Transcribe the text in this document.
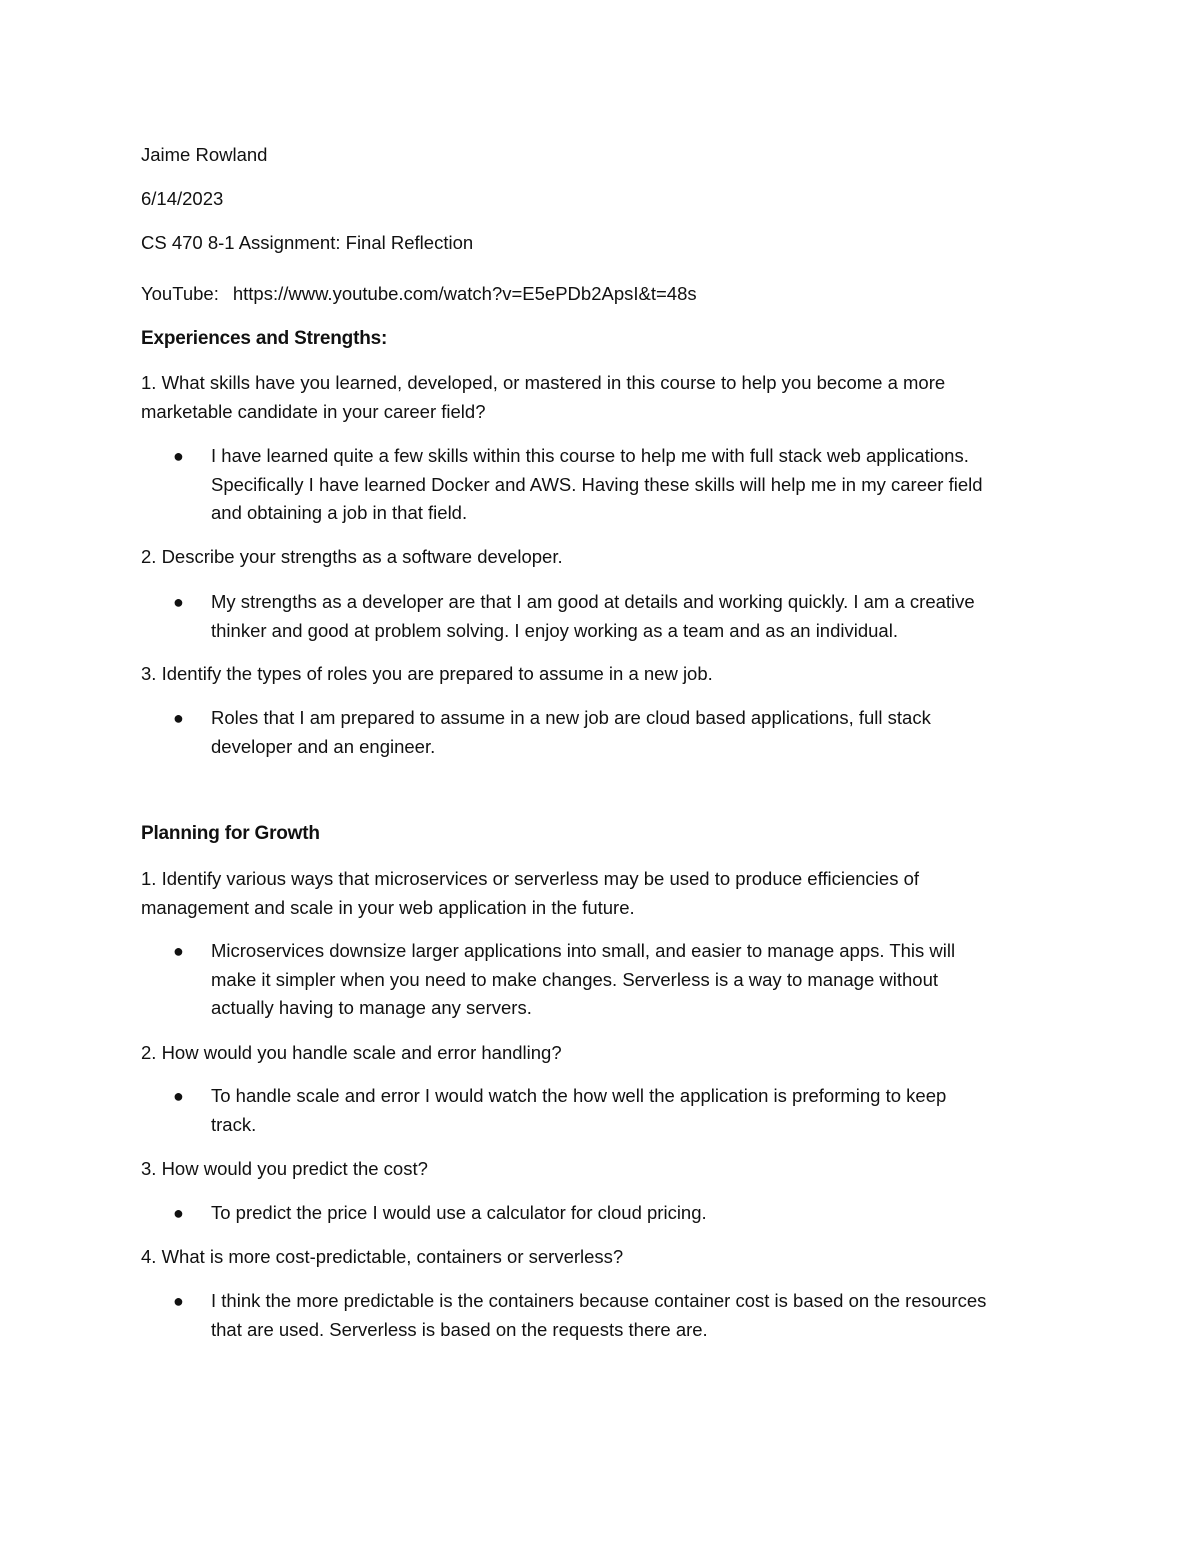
Jaime Rowland
6/14/2023
CS 470 8-1 Assignment: Final Reflection
YouTube: https://www.youtube.com/watch?v=E5ePDb2ApsI&t=48s
Experiences and Strengths:
1. What skills have you learned, developed, or mastered in this course to help you become a more
marketable candidate in your career field?
● I have learned quite a few skills within this course to help me with full stack web applications.
Specifically I have learned Docker and AWS. Having these skills will help me in my career field
and obtaining a job in that field.
2. Describe your strengths as a software developer.
● My strengths as a developer are that I am good at details and working quickly. I am a creative
thinker and good at problem solving. I enjoy working as a team and as an individual.
3. Identify the types of roles you are prepared to assume in a new job.
● Roles that I am prepared to assume in a new job are cloud based applications, full stack
developer and an engineer.
Planning for Growth
1. Identify various ways that microservices or serverless may be used to produce efficiencies of
management and scale in your web application in the future.
● Microservices downsize larger applications into small, and easier to manage apps. This will
make it simpler when you need to make changes. Serverless is a way to manage without
actually having to manage any servers.
2. How would you handle scale and error handling?
● To handle scale and error I would watch the how well the application is preforming to keep
track.
3. How would you predict the cost?
● To predict the price I would use a calculator for cloud pricing.
4. What is more cost-predictable, containers or serverless?
● I think the more predictable is the containers because container cost is based on the resources
that are used. Serverless is based on the requests there are.
